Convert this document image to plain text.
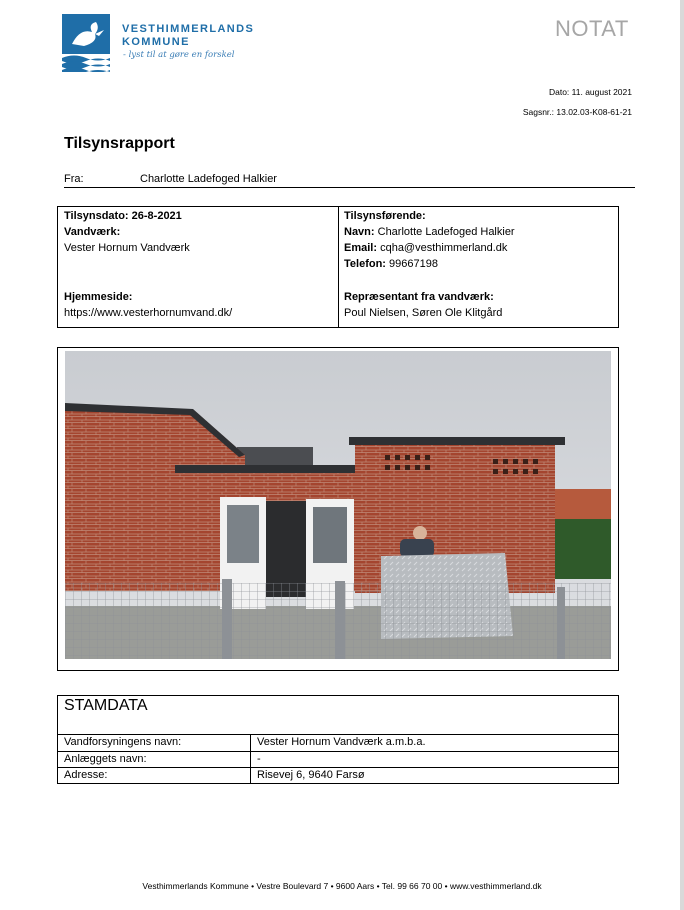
VESTHIMMERLANDS
KOMMUNE
- lyst til at gøre en forskel
NOTAT
Dato: 11. august 2021
Sagsnr.: 13.02.03-K08-61-21
Tilsynsrapport
Fra:	Charlotte Ladefoged Halkier
Tilsynsdato: 26-8-2021
Vandværk:
Vester Hornum Vandværk
Hjemmeside:
https://www.vesterhornumvand.dk/
Tilsynsførende:
Navn: Charlotte Ladefoged Halkier
Email: cqha@vesthimmerland.dk
Telefon: 99667198
Repræsentant fra vandværk:
Poul Nielsen, Søren Ole Klitgård
STAMDATA
Vandforsyningens navn:	Vester Hornum Vandværk a.m.b.a.
Anlæggets navn:	-
Adresse:	Risevej 6, 9640 Farsø
Vesthimmerlands Kommune • Vestre Boulevard 7 • 9600 Aars • Tel. 99 66 70 00 • www.vesthimmerland.dk
